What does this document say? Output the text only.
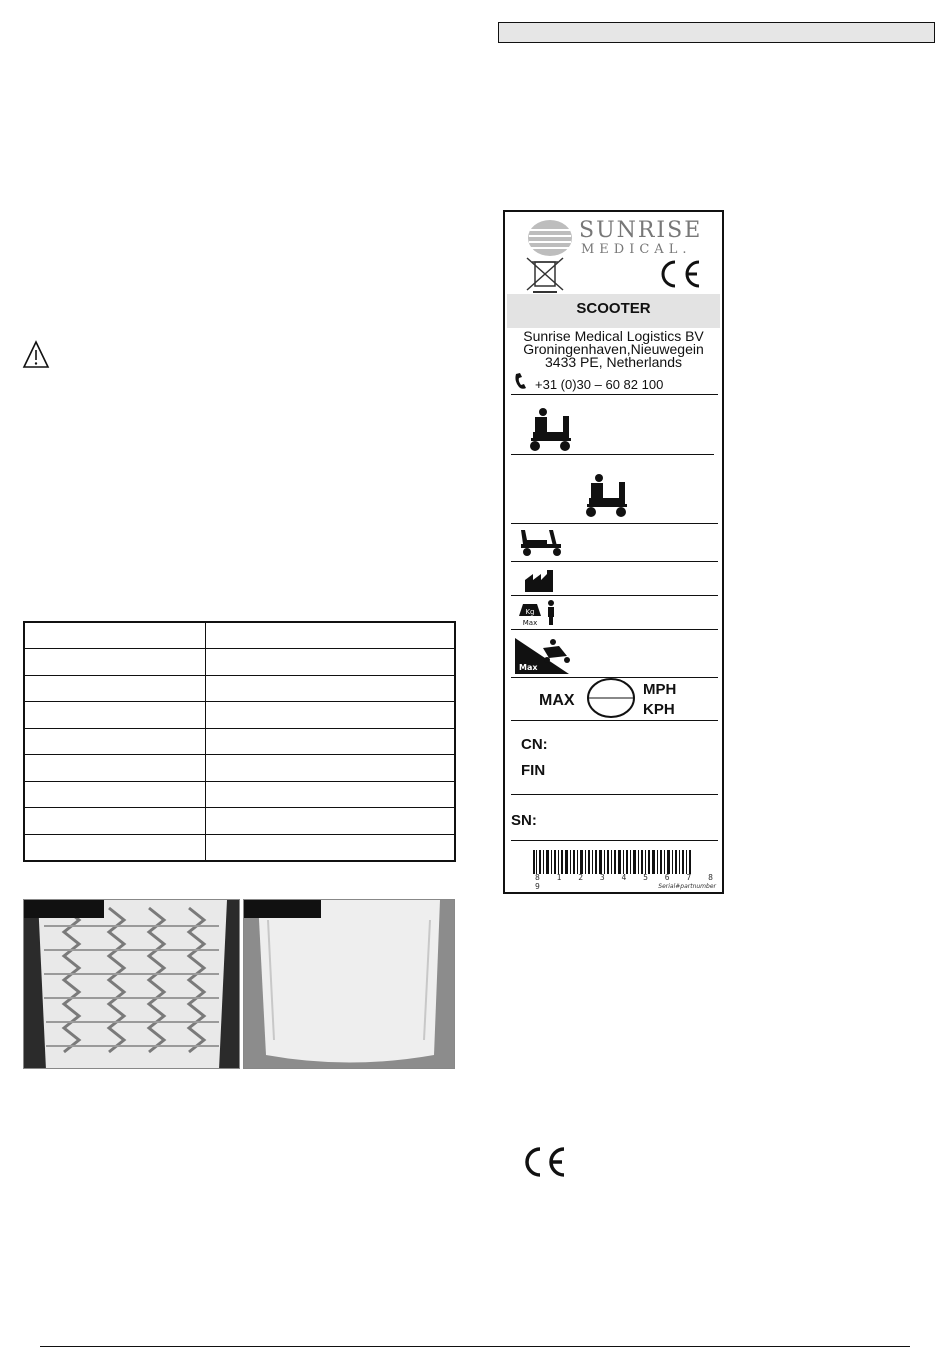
SUNRISE
MEDICAL.
SCOOTER
Sunrise Medical Logistics BV
Groningenhaven,Nieuwegein
3433 PE, Netherlands
+31 (0)30 – 60 82 100
Kg
Max
Max
MAX
MPH
KPH
CN:
FIN
SN:
8 1 2 3 4 5 6 7 8 9	Serial#partnumber
